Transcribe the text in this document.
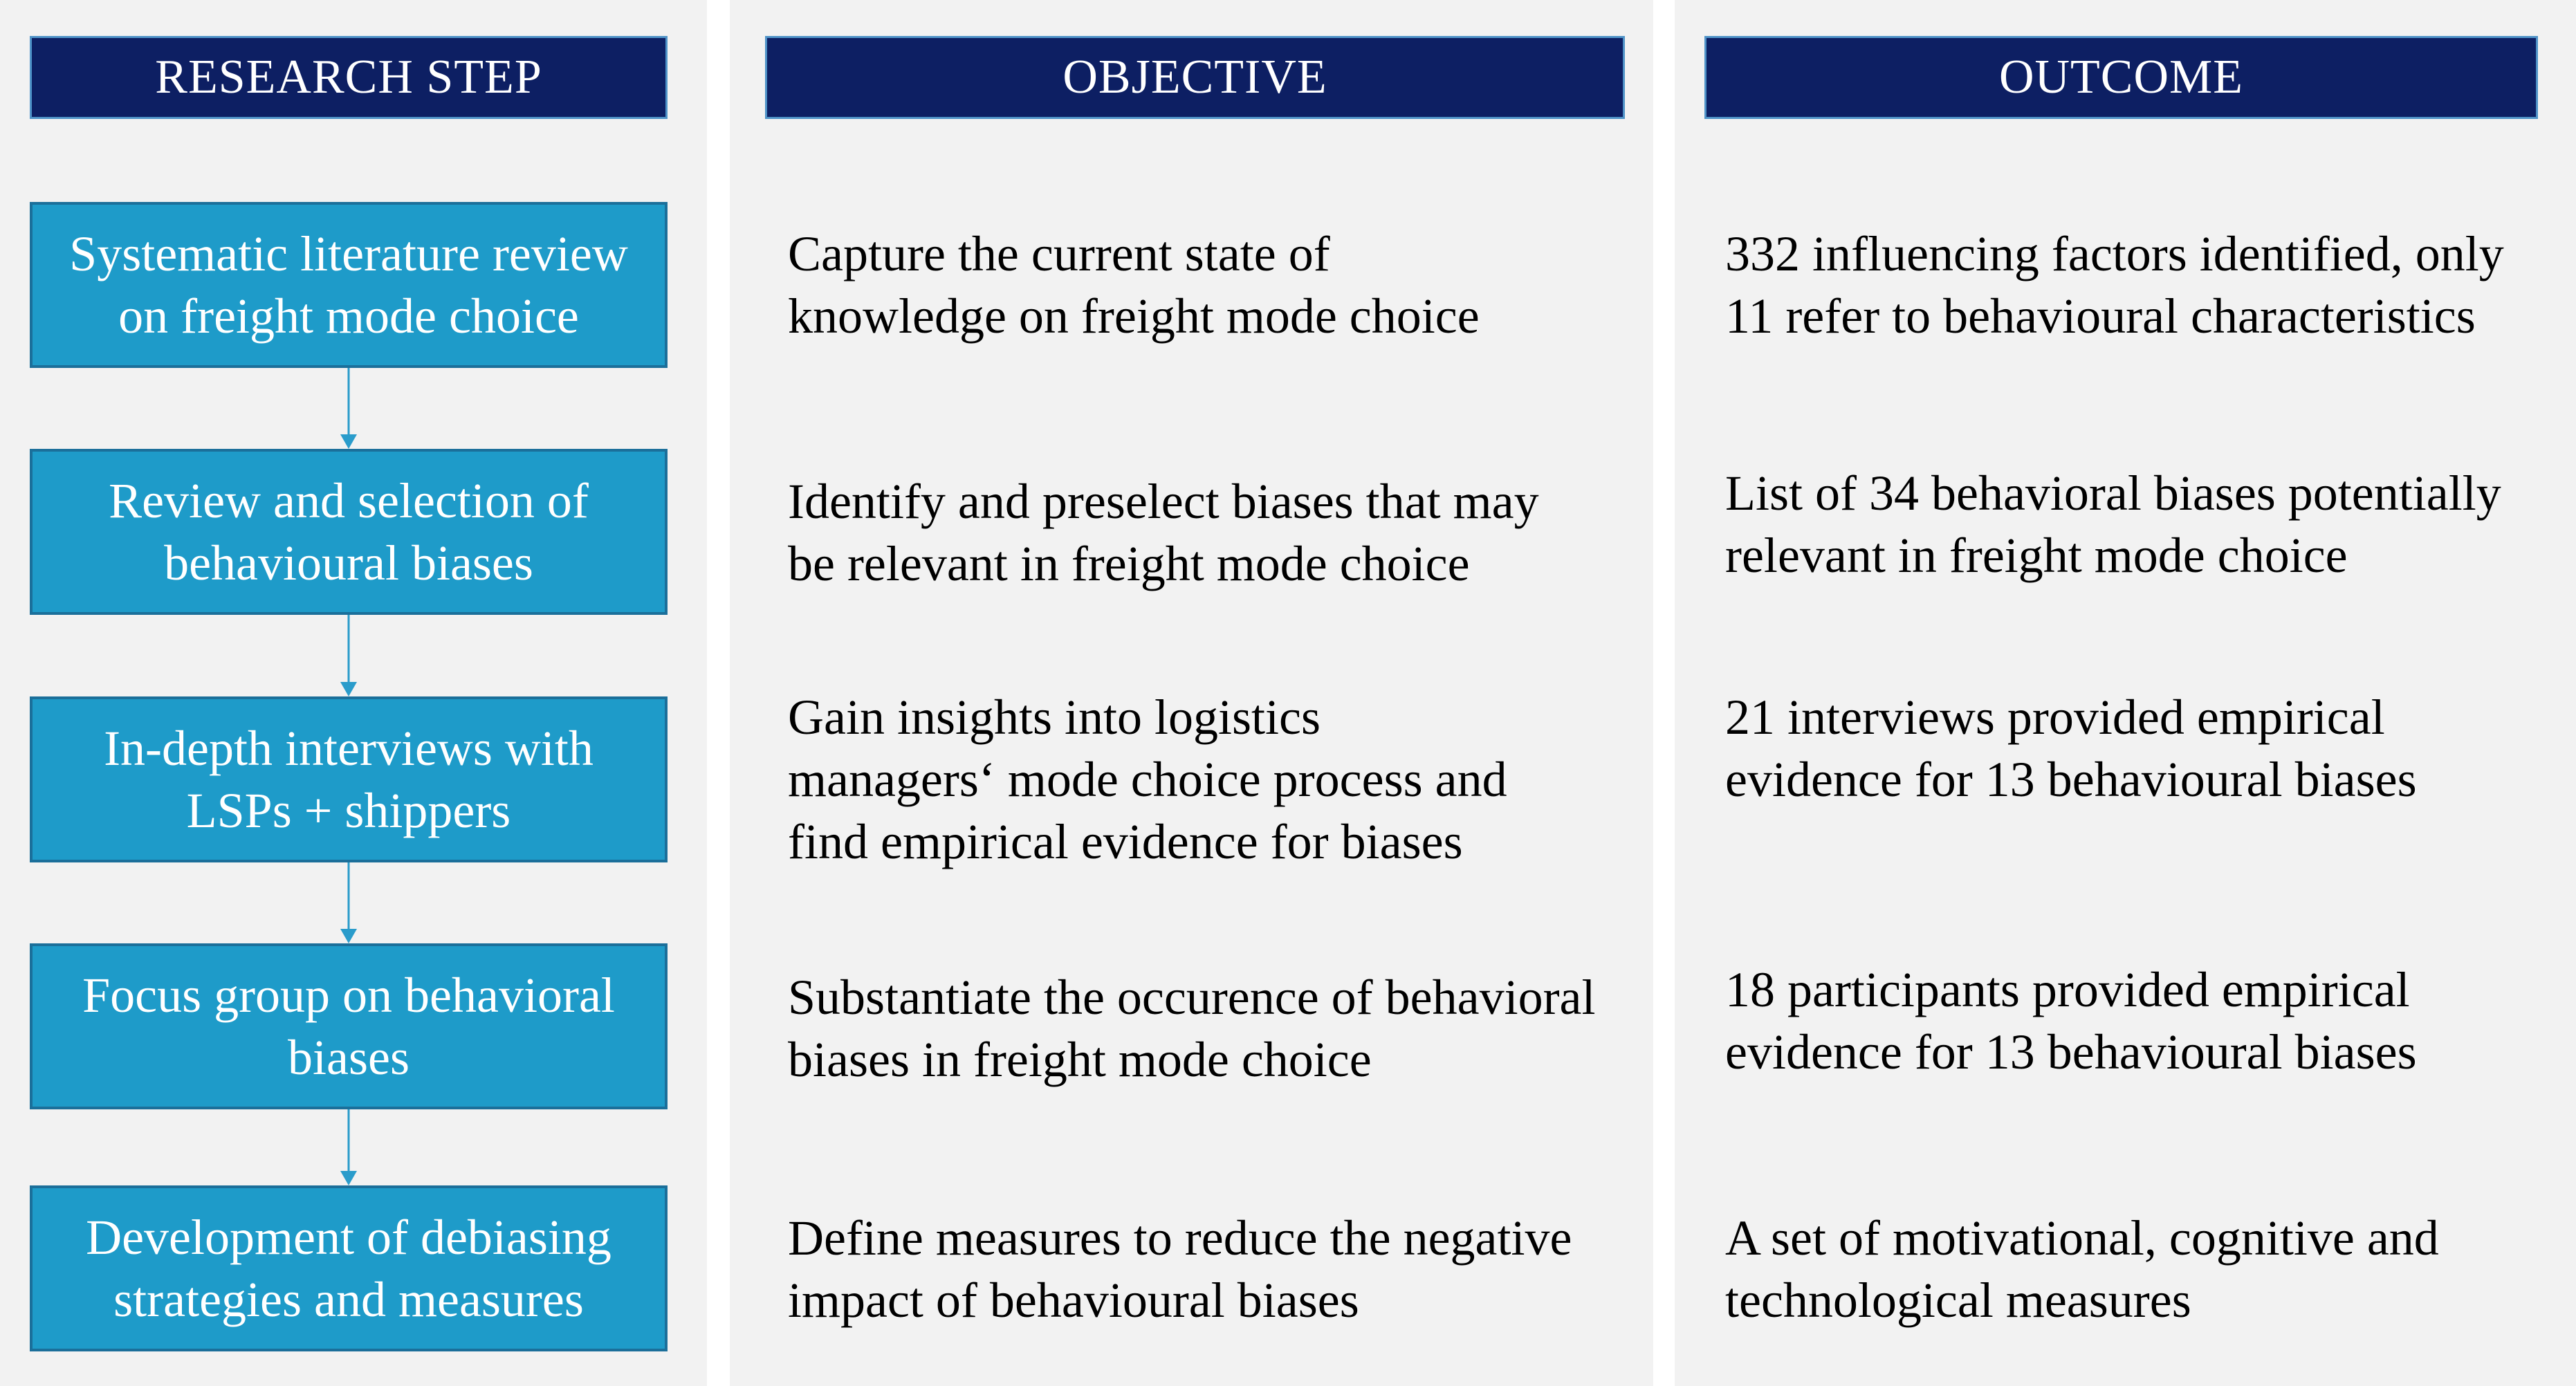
RESEARCH STEP	OBJECTIVE	OUTCOME
Systematic literature review on freight mode choice
Review and selection of behavioural biases
In-depth interviews with LSPs + shippers
Focus group on behavioral biases
Development of debiasing strategies and measures
Capture the current state of
knowledge on freight mode choice
Identify and preselect biases that may
be relevant in freight mode choice
Gain insights into logistics
managers‘ mode choice process and
find empirical evidence for biases
Substantiate the occurence of behavioral
biases in freight mode choice
Define measures to reduce the negative
impact of behavioural biases
332 influencing factors identified, only
11 refer to behavioural characteristics
List of 34 behavioral biases potentially
relevant in freight mode choice
21 interviews provided empirical
evidence for 13 behavioural biases
18 participants provided empirical
evidence for 13 behavioural biases
A set of motivational, cognitive and
technological measures
